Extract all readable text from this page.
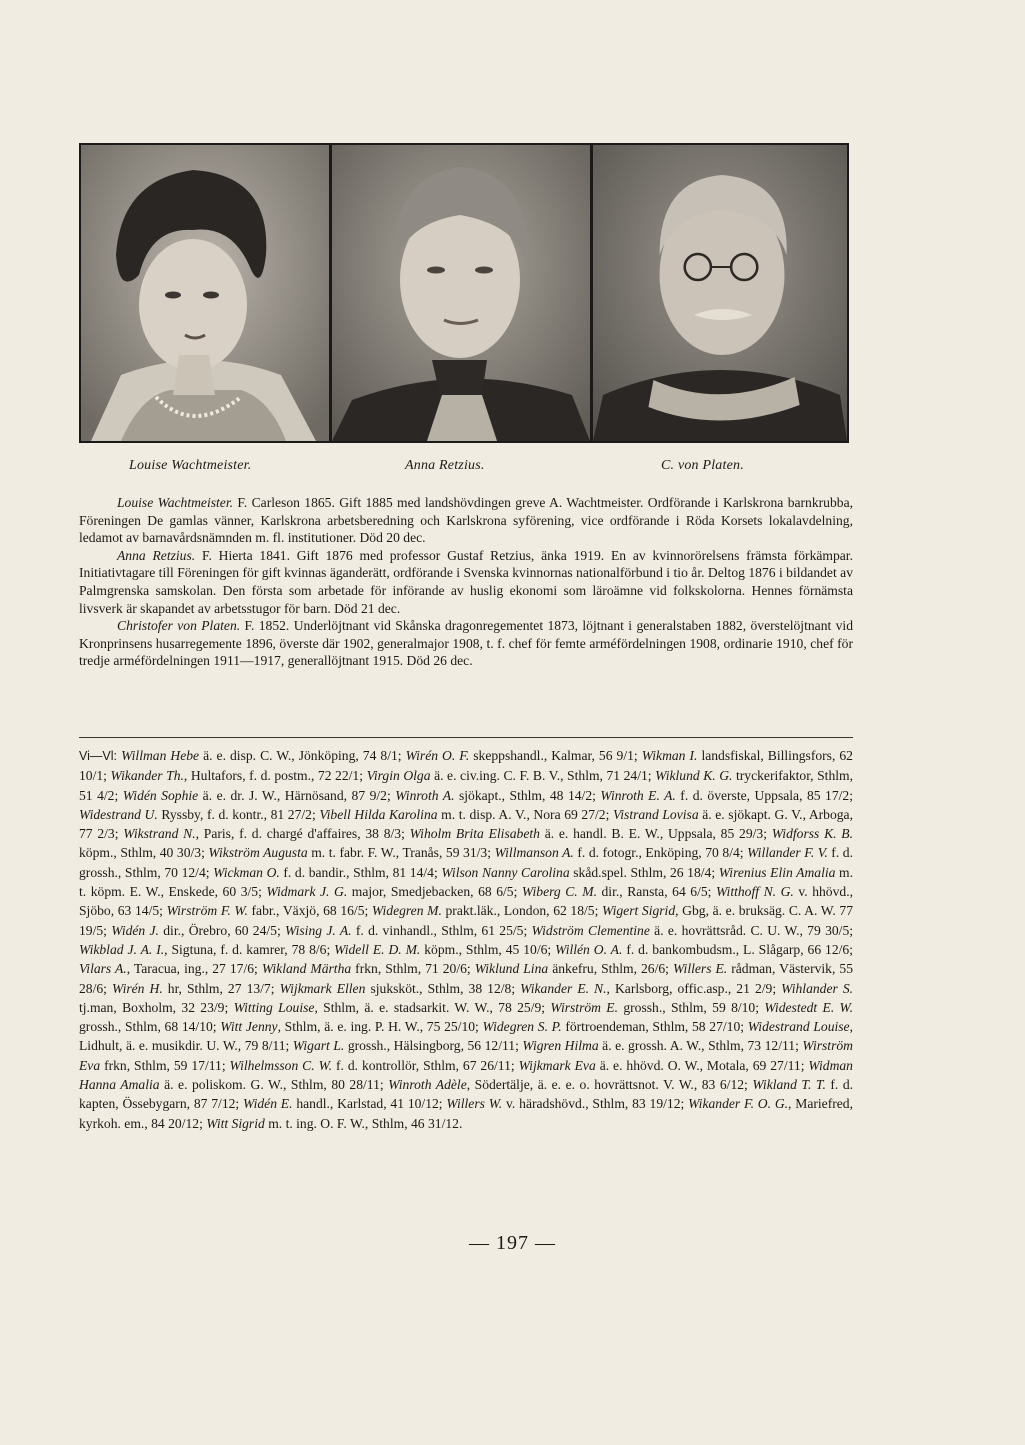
Louise Wachtmeister.	Anna Retzius.	C. von Platen.

Louise Wachtmeister. F. Carleson 1865. Gift 1885 med landshövdingen greve A. Wachtmeister. Ordförande i Karlskrona barnkrubba, Föreningen De gamlas vänner, Karlskrona arbetsberedning och Karlskrona syförening, vice ordförande i Röda Korsets lokalavdelning, ledamot av barnavårdsnämnden m. fl. institutioner. Död 20 dec.

Anna Retzius. F. Hierta 1841. Gift 1876 med professor Gustaf Retzius, änka 1919. En av kvinnorörelsens främsta förkämpar. Initiativtagare till Föreningen för gift kvinnas äganderätt, ordförande i Svenska kvinnornas nationalförbund i tio år. Deltog 1876 i bildandet av Palmgrenska samskolan. Den första som arbetade för införande av huslig ekonomi som läroämne vid folkskolorna. Hennes förnämsta livsverk är skapandet av arbetsstugor för barn. Död 21 dec.

Christofer von Platen. F. 1852. Underlöjtnant vid Skånska dragonregementet 1873, löjtnant i generalstaben 1882, överstelöjtnant vid Kronprinsens husarregemente 1896, överste där 1902, generalmajor 1908, t. f. chef för femte arméfördelningen 1908, ordinarie 1910, chef för tredje arméfördelningen 1911—1917, generallöjtnant 1915. Död 26 dec.

Vi—Vl: Willman Hebe ä. e. disp. C. W., Jönköping, 74 8/1; Wirén O. F. skeppshandl., Kalmar, 56 9/1; Wikman I. landsfiskal, Billingsfors, 62 10/1; Wikander Th., Hultafors, f. d. postm., 72 22/1; Virgin Olga ä. e. civ.ing. C. F. B. V., Sthlm, 71 24/1; Wiklund K. G. tryckerifaktor, Sthlm, 51 4/2; Widén Sophie ä. e. dr. J. W., Härnösand, 87 9/2; Winroth A. sjökapt., Sthlm, 48 14/2; Winroth E. A. f. d. överste, Uppsala, 85 17/2; Widestrand U. Ryssby, f. d. kontr., 81 27/2; Vibell Hilda Karolina m. t. disp. A. V., Nora 69 27/2; Vistrand Lovisa ä. e. sjökapt. G. V., Arboga, 77 2/3; Wikstrand N., Paris, f. d. chargé d'affaires, 38 8/3; Wiholm Brita Elisabeth ä. e. handl. B. E. W., Uppsala, 85 29/3; Widforss K. B. köpm., Sthlm, 40 30/3; Wikström Augusta m. t. fabr. F. W., Tranås, 59 31/3; Willmanson A. f. d. fotogr., Enköping, 70 8/4; Willander F. V. f. d. grossh., Sthlm, 70 12/4; Wickman O. f. d. bandir., Sthlm, 81 14/4; Wilson Nanny Carolina skåd.spel. Sthlm, 26 18/4; Wirenius Elin Amalia m. t. köpm. E. W., Enskede, 60 3/5; Widmark J. G. major, Smedjebacken, 68 6/5; Wiberg C. M. dir., Ransta, 64 6/5; Witthoff N. G. v. hhövd., Sjöbo, 63 14/5; Wirström F. W. fabr., Växjö, 68 16/5; Widegren M. prakt.läk., London, 62 18/5; Wigert Sigrid, Gbg, ä. e. bruksäg. C. A. W. 77 19/5; Widén J. dir., Örebro, 60 24/5; Wising J. A. f. d. vinhandl., Sthlm, 61 25/5; Widström Clementine ä. e. hovrättsråd. C. U. W., 79 30/5; Wikblad J. A. I., Sigtuna, f. d. kamrer, 78 8/6; Widell E. D. M. köpm., Sthlm, 45 10/6; Willén O. A. f. d. bankombudsm., L. Slågarp, 66 12/6; Vilars A., Taracua, ing., 27 17/6; Wikland Märtha frkn, Sthlm, 71 20/6; Wiklund Lina änkefru, Sthlm, 26/6; Willers E. rådman, Västervik, 55 28/6; Wirén H. hr, Sthlm, 27 13/7; Wijkmark Ellen sjuksköt., Sthlm, 38 12/8; Wikander E. N., Karlsborg, offic.asp., 21 2/9; Wihlander S. tj.man, Boxholm, 32 23/9; Witting Louise, Sthlm, ä. e. stadsarkit. W. W., 78 25/9; Wirström E. grossh., Sthlm, 59 8/10; Widestedt E. W. grossh., Sthlm, 68 14/10; Witt Jenny, Sthlm, ä. e. ing. P. H. W., 75 25/10; Widegren S. P. förtroendeman, Sthlm, 58 27/10; Widestrand Louise, Lidhult, ä. e. musikdir. U. W., 79 8/11; Wigart L. grossh., Hälsingborg, 56 12/11; Wigren Hilma ä. e. grossh. A. W., Sthlm, 73 12/11; Wirström Eva frkn, Sthlm, 59 17/11; Wilhelmsson C. W. f. d. kontrollör, Sthlm, 67 26/11; Wijkmark Eva ä. e. hhövd. O. W., Motala, 69 27/11; Widman Hanna Amalia ä. e. poliskom. G. W., Sthlm, 80 28/11; Winroth Adèle, Södertälje, ä. e. e. o. hovrättsnot. V. W., 83 6/12; Wikland T. T. f. d. kapten, Össebygarn, 87 7/12; Widén E. handl., Karlstad, 41 10/12; Willers W. v. häradshövd., Sthlm, 83 19/12; Wikander F. O. G., Mariefred, kyrkoh. em., 84 20/12; Witt Sigrid m. t. ing. O. F. W., Sthlm, 46 31/12.
— 197 —
